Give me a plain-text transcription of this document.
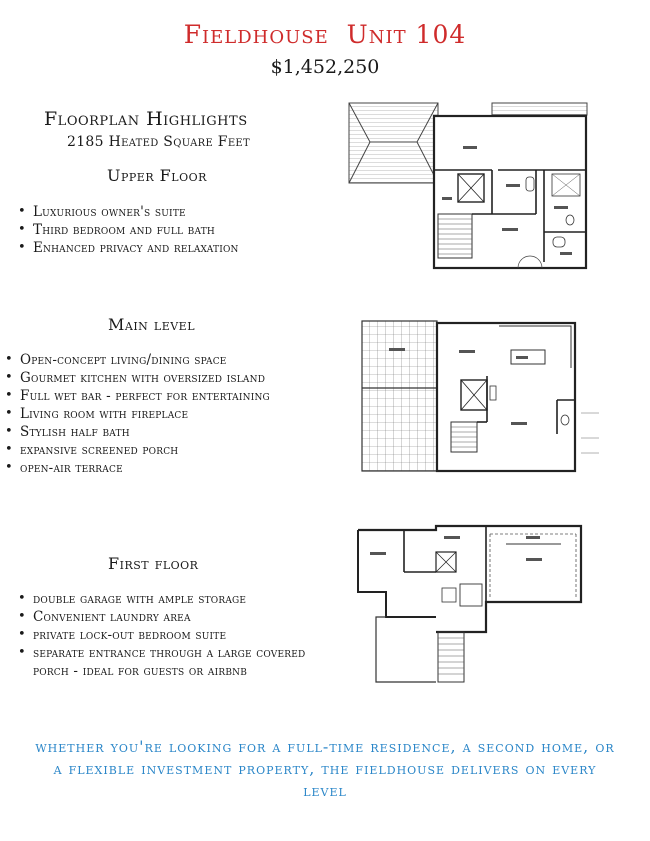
Fieldhouse  Unit 104
$1,452,250
Floorplan Highlights
2185 Heated Square Feet
Upper Floor
• Luxurious owner's suite
• Third bedroom and full bath
• Enhanced privacy and relaxation
Main level
• Open-concept living/dining space
• Gourmet kitchen with oversized island
• Full wet bar - perfect for entertaining
• Living room with fireplace
• Stylish half bath
• expansive screened porch
• open-air terrace
First floor
• double garage with ample storage
• Convenient laundry area
• private lock-out bedroom suite
• separate entrance through a large covered porch - ideal for guests or airbnb
whether you're looking for a full-time residence, a second home, or a flexible investment property, the fieldhouse delivers on every level
